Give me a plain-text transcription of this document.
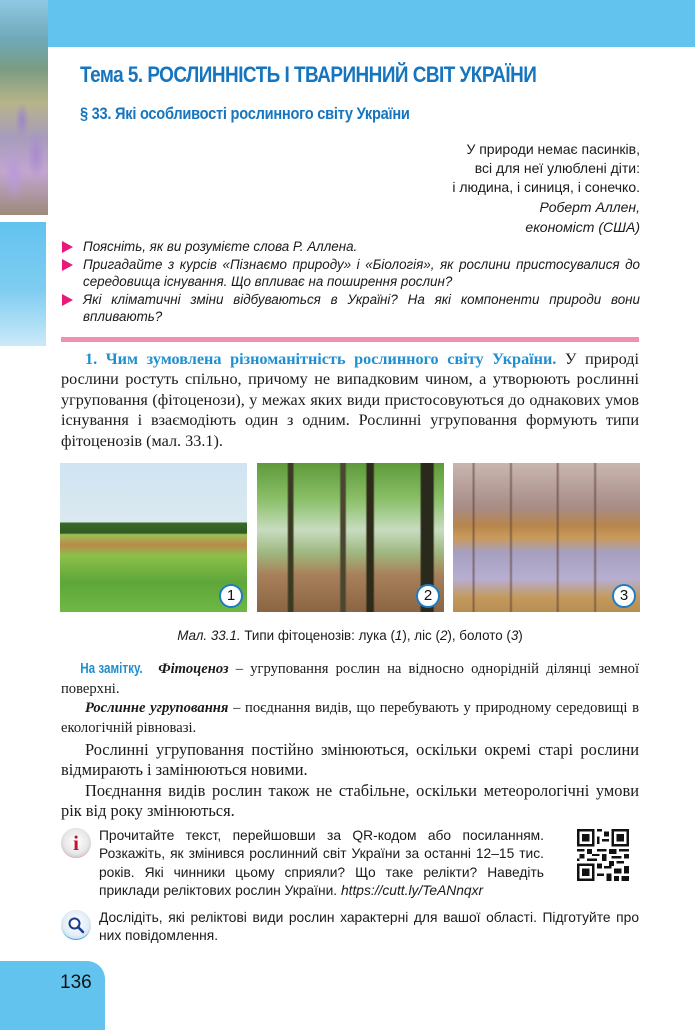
Тема 5. РОСЛИННІСТЬ І ТВАРИННИЙ СВІТ УКРАЇНИ
§ 33. Які особливості рослинного світу України
У природи немає пасинків,
всі для неї улюблені діти:
і людина, і синиця, і сонечко.
Роберт Аллен,
економіст (США)
Поясніть, як ви розумієте слова Р. Аллена.
Пригадайте з курсів «Пізнаємо природу» і «Біологія», як рослини пристосувалися до середовища існування. Що впливає на поширення рослин?
Які кліматичні зміни відбуваються в Україні? На які компоненти природи вони впливають?
1. Чим зумовлена різноманітність рослинного світу України. У природі рослини ростуть спільно, причому не випадковим чином, а утворюють рослинні угруповання (фітоценози), у межах яких види пристосовуються до однакових умов існування і взаємодіють один з одним. Рослинні угруповання формують типи фітоценозів (мал. 33.1).
1	2	3
Мал. 33.1. Типи фітоценозів: лука (1), ліс (2), болото (3)

На замітку. Фітоценоз – угруповання рослин на відносно однорідній ділянці земної поверхні.

Рослинне угруповання – поєднання видів, що перебувають у природному середовищі в екологічній рівновазі.

Рослинні угруповання постійно змінюються, оскільки окремі старі рослини відмирають і замінюються новими.

Поєднання видів рослин також не стабільне, оскільки метеорологічні умови рік від року змінюються.

i	Прочитайте текст, перейшовши за QR-кодом або посиланням. Розкажіть, як змінився рослинний світ України за останні 12–15 тис. років. Які чинники цьому сприяли? Що таке релікти? Наведіть приклади реліктових рослин України. https://cutt.ly/TeANnqxr
Дослідіть, які реліктові види рослин характерні для вашої області. Підготуйте про них повідомлення.
136
